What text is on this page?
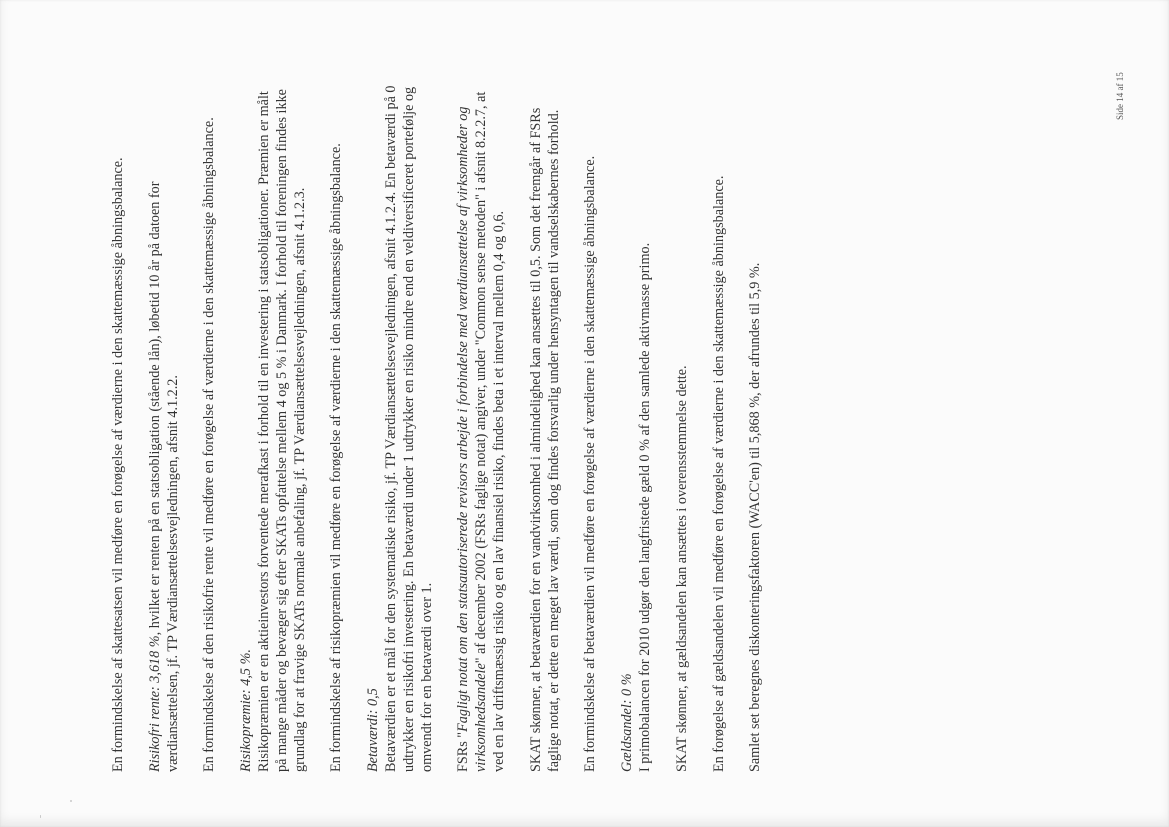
En formindskelse af skattesatsen vil medføre en forøgelse af værdierne i den skattemæssige åbningsbalance. Risikofri rente: 3,618 %, hvilket er renten på en statsobligation (stående lån), løbetid 10 år på datoen for værdiansættelsen, jf. TP Værdiansættelsesvejledningen, afsnit 4.1.2.2. En formindskelse af den risikofrie rente vil medføre en forøgelse af værdierne i den skattemæssige åbningsbalance. Risikopræmie: 4,5 %. Risikopræmien er en aktieinvestors forventede merafkast i forhold til en investering i statsobligationer. Præmien er målt på mange måder og bevæger sig efter SKATs opfattelse mellem 4 og 5 % i Danmark. I forhold til foreningen findes ikke grundlag for at fravige SKATs normale anbefaling, jf. TP Værdiansættelsesvejledningen, afsnit 4.1.2.3. En formindskelse af risikopræmien vil medføre en forøgelse af værdierne i den skattemæssige åbningsbalance. Betaværdi: 0,5 Betaværdien er et mål for den systematiske risiko, jf. TP Værdiansættelsesvejledningen, afsnit 4.1.2.4. En betaværdi på 0 udtrykker en risikofri investering. En betaværdi under 1 udtrykker en risiko mindre end en veldiversificeret portefølje og omvendt for en betaværdi over 1. FSRs "Fagligt notat om den statsautoriserede revisors arbejde i forbindelse med værdiansættelse af virksomheder og virksomhedsandele" af december 2002 (FSRs faglige notat) angiver, under "Common sense metoden" i afsnit 8.2.2.7, at ved en lav driftsmæssig risiko og en lav finansiel risiko, findes beta i et interval mellem 0,4 og 0,6. SKAT skønner, at betaværdien for en vandvirksomhed i almindelighed kan ansættes til 0,5. Som det fremgår af FSRs faglige notat, er dette en meget lav værdi, som dog findes forsvarlig under hensyntagen til vandselskabernes forhold. En formindskelse af betaværdien vil medføre en forøgelse af værdierne i den skattemæssige åbningsbalance. Gældsandel: 0 % I primobalancen for 2010 udgør den langfristede gæld 0 % af den samlede aktivmasse primo. SKAT skønner, at gældsandelen kan ansættes i overensstemmelse dette. En forøgelse af gældsandelen vil medføre en forøgelse af værdierne i den skattemæssige åbningsbalance. Samlet set beregnes diskonteringsfaktoren (WACC'en) til 5,868 %, der afrundes til 5,9 %.

Side 14 af 15
